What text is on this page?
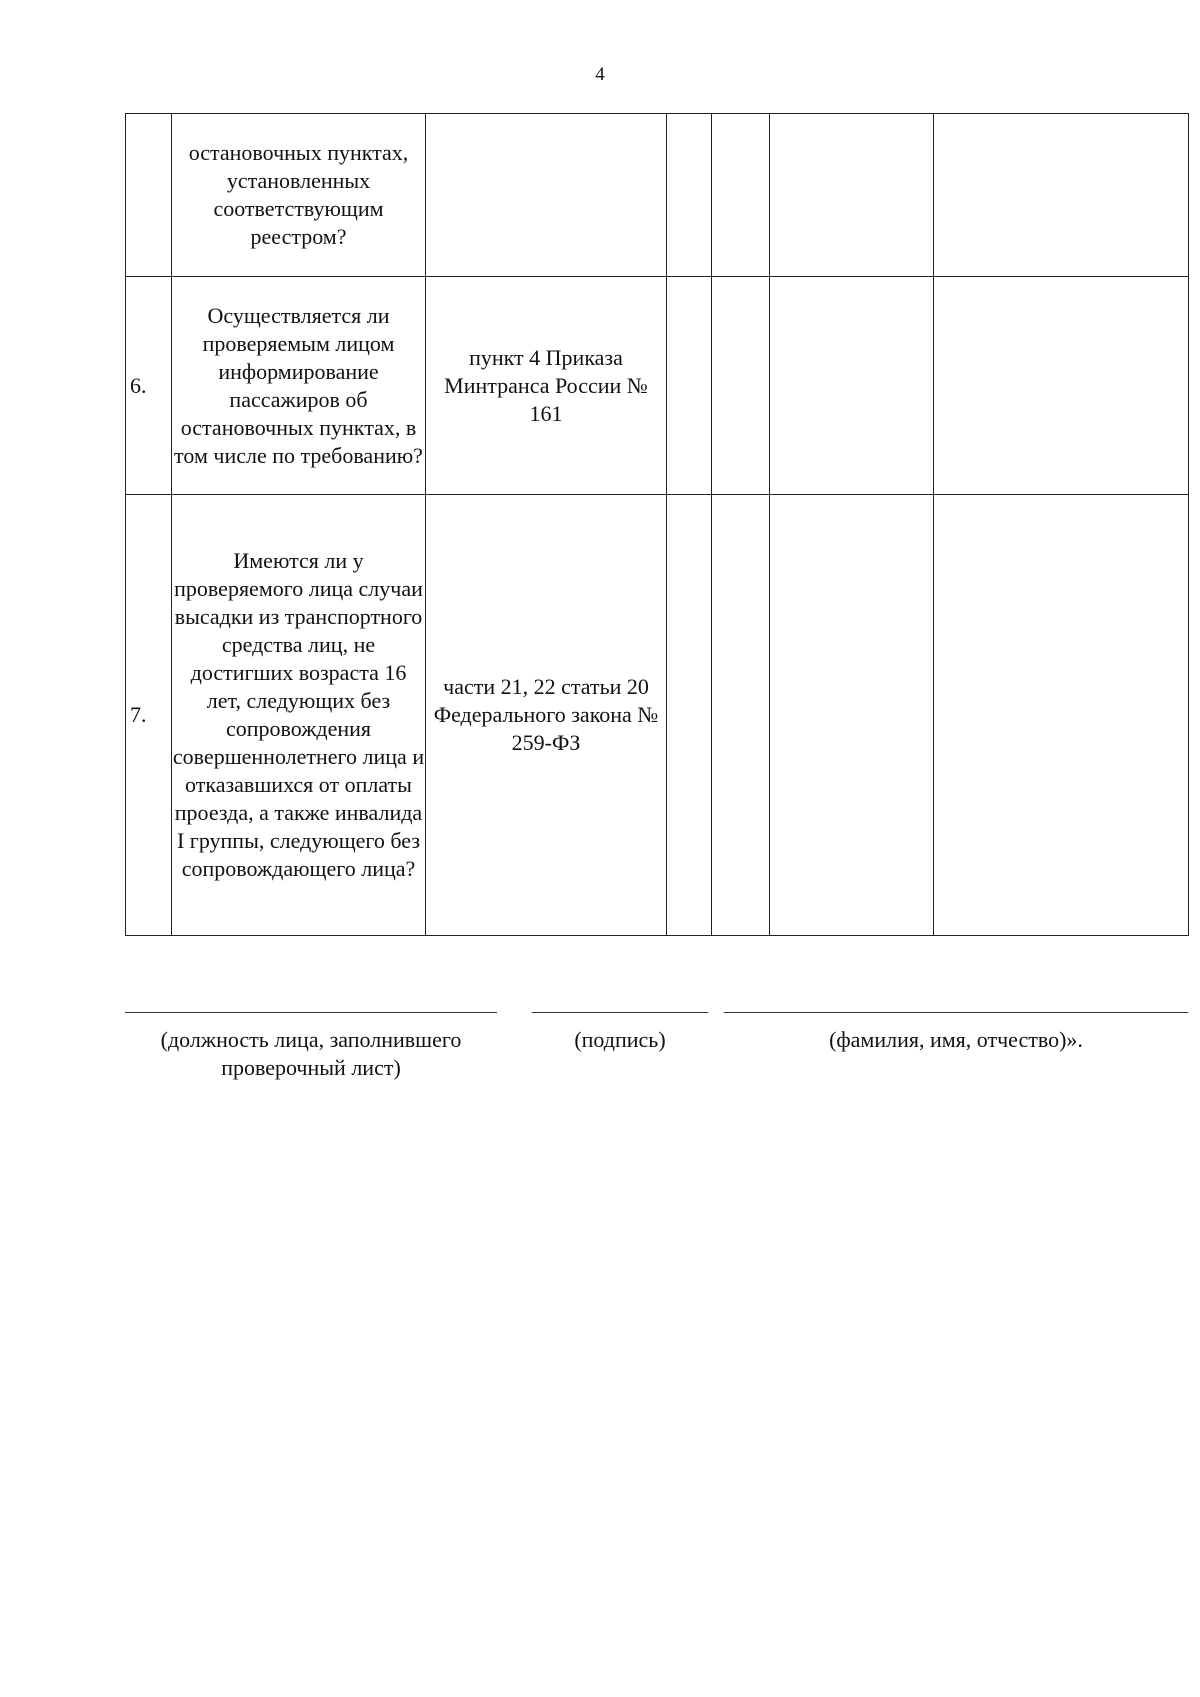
4
	остановочных пунктах, установленных соответствующим реестром?					
6.	Осуществляется ли проверяемым лицом информирование пассажиров об остановочных пунктах, в том числе по требованию?	пункт 4 Приказа Минтранса России № 161				
7.	Имеются ли у проверяемого лица случаи высадки из транспортного средства лиц, не достигших возраста 16 лет, следующих без сопровождения совершеннолетнего лица и отказавшихся от оплаты проезда, а также инвалида I группы, следующего без сопровождающего лица?	части 21, 22 статьи 20 Федерального закона № 259-ФЗ				
(должность лица, заполнившего проверочный лист)
(подпись)	(фамилия, имя, отчество)».
